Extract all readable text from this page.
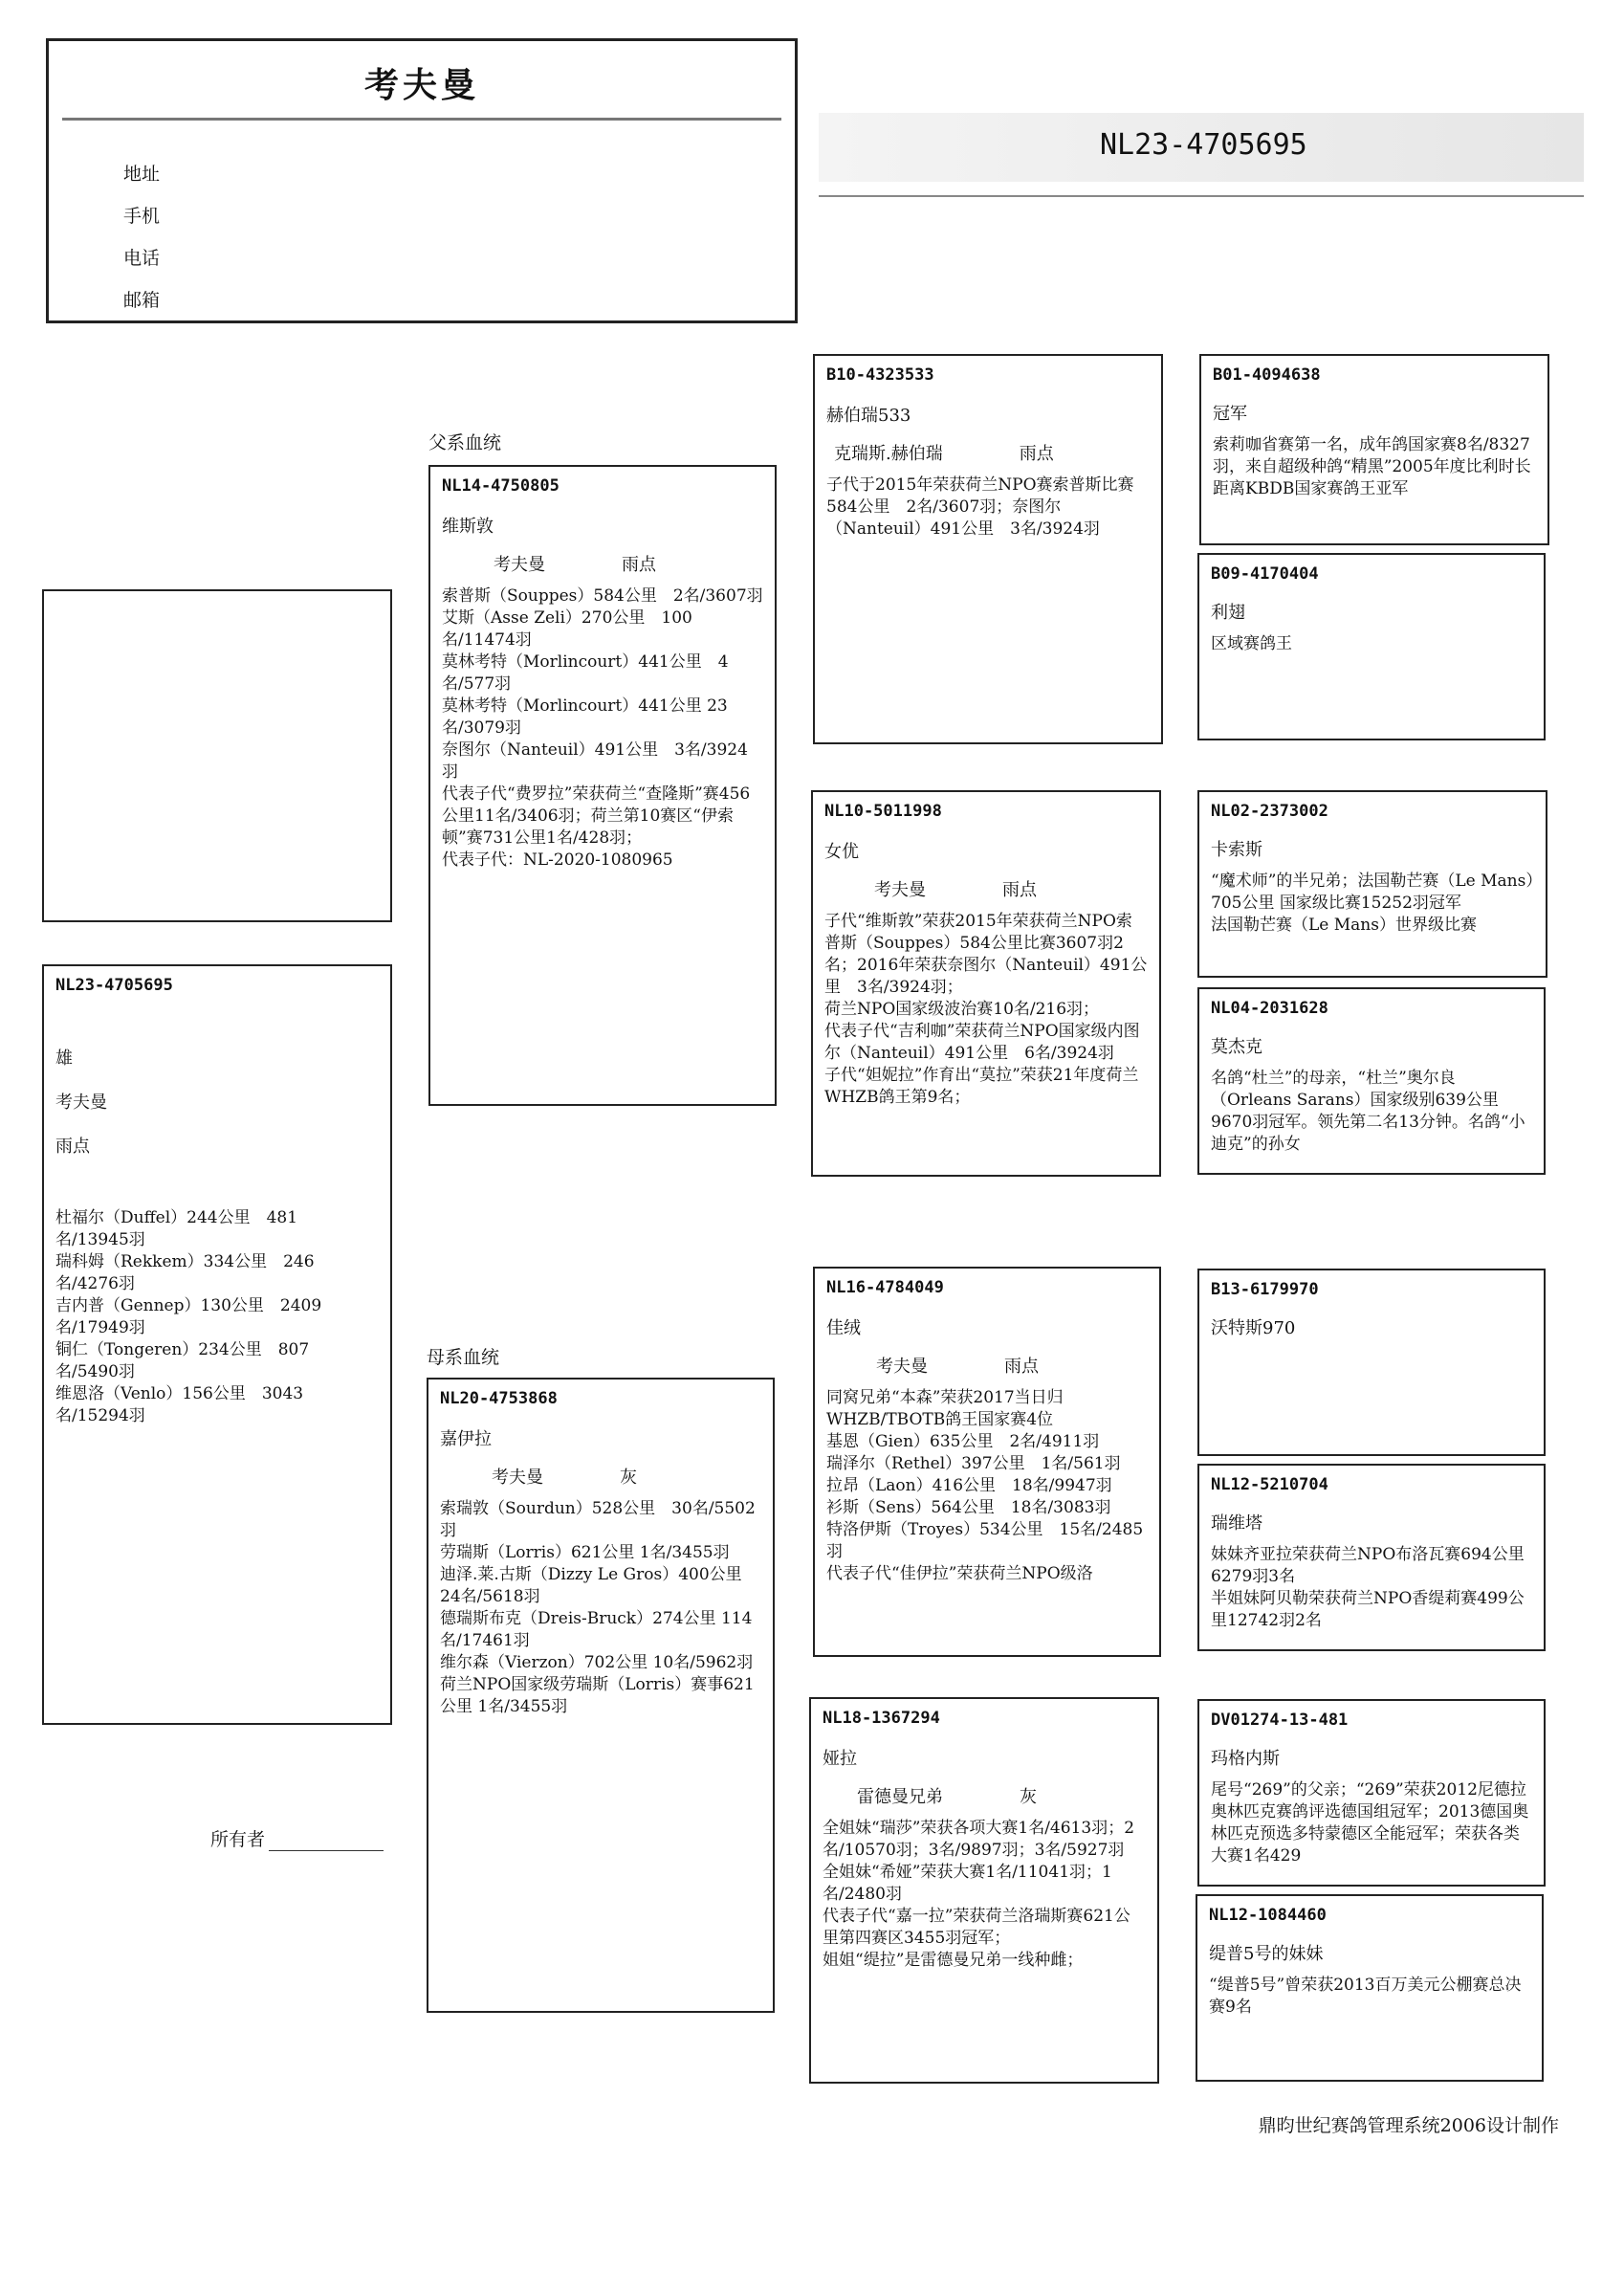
考夫曼
地址
手机
电话
邮箱
NL23-4705695
父系血统
母系血统
NL23-4705695
雄
考夫曼
雨点
杜福尔（Duffel）244公里　481名/13945羽
瑞科姆（Rekkem）334公里　246名/4276羽
吉内普（Gennep）130公里　2409名/17949羽
铜仁（Tongeren）234公里　807名/5490羽
维恩洛（Venlo）156公里　3043名/15294羽
所有者
NL14-4750805
维斯敦
考夫曼	雨点
索普斯（Souppes）584公里　2名/3607羽
艾斯（Asse Zeli）270公里　100名/11474羽
莫林考特（Morlincourt）441公里　4名/577羽
莫林考特（Morlincourt）441公里 23名/3079羽
奈图尔（Nanteuil）491公里　3名/3924羽
代表子代“费罗拉”荣获荷兰“查隆斯”赛456公里11名/3406羽；荷兰第10赛区“伊索顿”赛731公里1名/428羽；
代表子代：NL-2020-1080965
NL20-4753868
嘉伊拉
考夫曼	灰
索瑞敦（Sourdun）528公里　30名/5502羽
劳瑞斯（Lorris）621公里 1名/3455羽
迪泽.莱.古斯（Dizzy Le Gros）400公里 24名/5618羽
德瑞斯布克（Dreis-Bruck）274公里 114名/17461羽
维尔森（Vierzon）702公里 10名/5962羽
荷兰NPO国家级劳瑞斯（Lorris）赛事621公里 1名/3455羽
B10-4323533
赫伯瑞533
克瑞斯.赫伯瑞	雨点
子代于2015年荣获荷兰NPO赛索普斯比赛584公里　2名/3607羽；奈图尔（Nanteuil）491公里　3名/3924羽
NL10-5011998
女优
考夫曼	雨点
子代“维斯敦”荣获2015年荣获荷兰NPO索普斯（Souppes）584公里比赛3607羽2名；2016年荣获奈图尔（Nanteuil）491公里　3名/3924羽；
荷兰NPO国家级波治赛10名/216羽；
代表子代“吉利咖”荣获荷兰NPO国家级内图尔（Nanteuil）491公里　6名/3924羽
子代“妲妮拉”作育出“莫拉”荣获21年度荷兰WHZB鸽王第9名；
NL16-4784049
佳绒
考夫曼	雨点
同窝兄弟“本森”荣获2017当日归WHZB/TBOTB鸽王国家赛4位
基恩（Gien）635公里　2名/4911羽
瑞泽尔（Rethel）397公里　1名/561羽
拉昂（Laon）416公里　18名/9947羽
衫斯（Sens）564公里　18名/3083羽
特洛伊斯（Troyes）534公里　15名/2485羽
代表子代“佳伊拉”荣获荷兰NPO级洛
NL18-1367294
娅拉
雷德曼兄弟	灰
全姐妹“瑞莎”荣获各项大赛1名/4613羽；2名/10570羽；3名/9897羽；3名/5927羽
全姐妹“希娅”荣获大赛1名/11041羽；1名/2480羽
代表子代“嘉一拉”荣获荷兰洛瑞斯赛621公里第四赛区3455羽冠军；
姐姐“缇拉”是雷德曼兄弟一线种雌；
B01-4094638
冠军
索莉咖省赛第一名，成年鸽国家赛8名/8327羽，来自超级种鸽“精黑”2005年度比利时长距离KBDB国家赛鸽王亚军
B09-4170404
利翅
区域赛鸽王
NL02-2373002
卡索斯
“魔术师”的半兄弟；法国勒芒赛（Le Mans）705公里 国家级比赛15252羽冠军
法国勒芒赛（Le Mans）世界级比赛
NL04-2031628
莫杰克
名鸽“杜兰”的母亲，“杜兰”奥尔良（Orleans Sarans）国家级别639公里9670羽冠军。领先第二名13分钟。名鸽“小迪克”的孙女
B13-6179970
沃特斯970
NL12-5210704
瑞维塔
妹妹齐亚拉荣获荷兰NPO布洛瓦赛694公里6279羽3名
半姐妹阿贝勒荣获荷兰NPO香缇莉赛499公里12742羽2名
DV01274-13-481
玛格内斯
尾号“269”的父亲；“269”荣获2012尼德拉奥林匹克赛鸽评选德国组冠军；2013德国奥林匹克预选多特蒙德区全能冠军；荣获各类大赛1名429
NL12-1084460
缇普5号的妹妹
“缇普5号”曾荣获2013百万美元公棚赛总决赛9名
鼎昀世纪赛鸽管理系统2006设计制作
